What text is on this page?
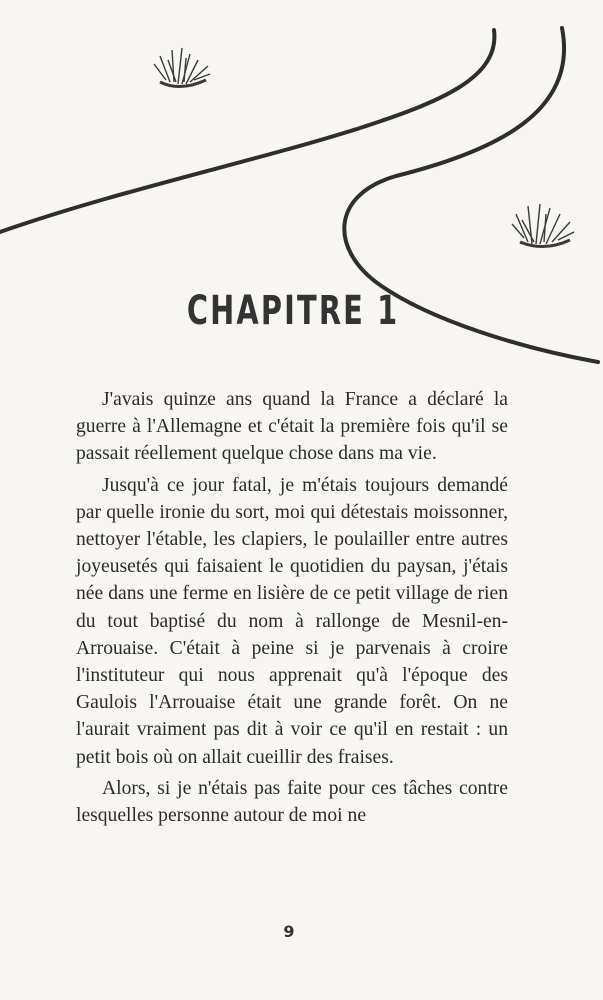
CHAPITRE 1

J'avais quinze ans quand la France a déclaré la guerre à l'Allemagne et c'était la première fois qu'il se passait réellement quelque chose dans ma vie.

Jusqu'à ce jour fatal, je m'étais toujours demandé par quelle ironie du sort, moi qui détestais moissonner, nettoyer l'étable, les clapiers, le poulailler entre autres joyeusetés qui faisaient le quotidien du paysan, j'étais née dans une ferme en lisière de ce petit village de rien du tout baptisé du nom à rallonge de Mesnil-en-Arrouaise. C'était à peine si je parvenais à croire l'instituteur qui nous apprenait qu'à l'époque des Gaulois l'Arrouaise était une grande forêt. On ne l'aurait vraiment pas dit à voir ce qu'il en restait : un petit bois où on allait cueillir des fraises.

Alors, si je n'étais pas faite pour ces tâches contre lesquelles personne autour de moi ne

9
